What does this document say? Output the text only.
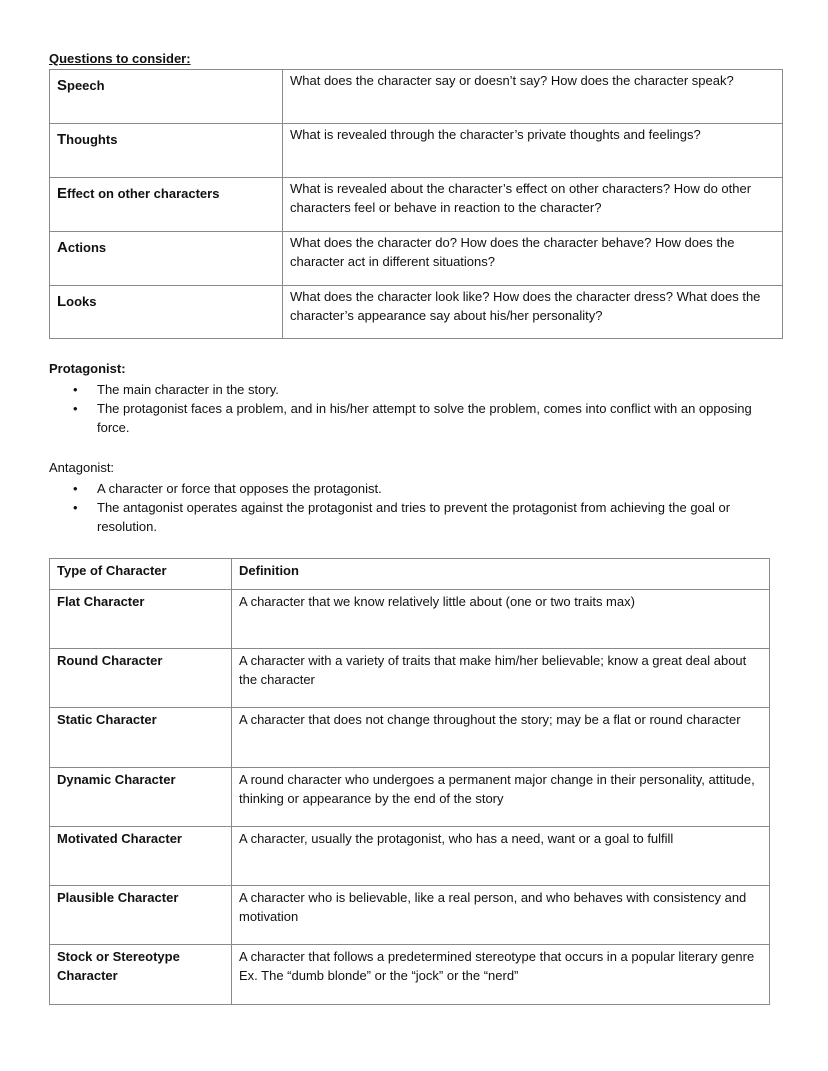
Questions to consider:
Speech	What does the character say or doesn’t say? How does the character speak?
Thoughts	What is revealed through the character’s private thoughts and feelings?
Effect on other characters	What is revealed about the character’s effect on other characters? How do other characters feel or behave in reaction to the character?
Actions	What does the character do? How does the character behave? How does the character act in different situations?
Looks	What does the character look like? How does the character dress? What does the character’s appearance say about his/her personality?
Protagonist:
• The main character in the story.
• The protagonist faces a problem, and in his/her attempt to solve the problem, comes into conflict with an opposing force.
Antagonist:
• A character or force that opposes the protagonist.
• The antagonist operates against the protagonist and tries to prevent the protagonist from achieving the goal or resolution.
Type of Character	Definition
Flat Character	A character that we know relatively little about (one or two traits max)
Round Character	A character with a variety of traits that make him/her believable; know a great deal about the character
Static Character	A character that does not change throughout the story; may be a flat or round character
Dynamic Character	A round character who undergoes a permanent major change in their personality, attitude, thinking or appearance by the end of the story
Motivated Character	A character, usually the protagonist, who has a need, want or a goal to fulfill
Plausible Character	A character who is believable, like a real person, and who behaves with consistency and motivation
Stock or Stereotype Character	A character that follows a predetermined stereotype that occurs in a popular literary genre
Ex. The “dumb blonde” or the “jock” or the “nerd”
